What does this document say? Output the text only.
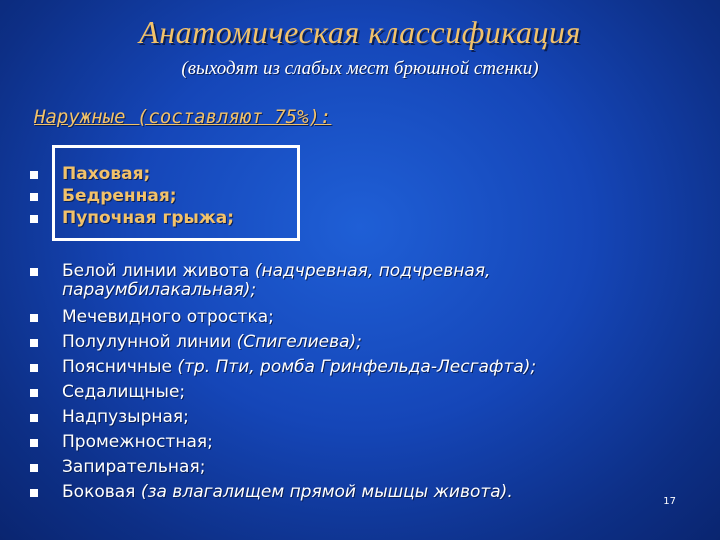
Анатомическая классификация
(выходят из слабых мест брюшной стенки)
Наружные (составляют 75%):
Паховая;
Бедренная;
Пупочная грыжа;
Белой линии живота (надчревная, подчревная,
параумбилакальная);
Мечевидного отростка;
Полулунной линии (Спигелиева);
Поясничные (тр. Пти, ромба Гринфельда-Лесгафта);
Седалищные;
Надпузырная;
Промежностная;
Запирательная;
Боковая (за влагалищем прямой мышцы живота).	17
